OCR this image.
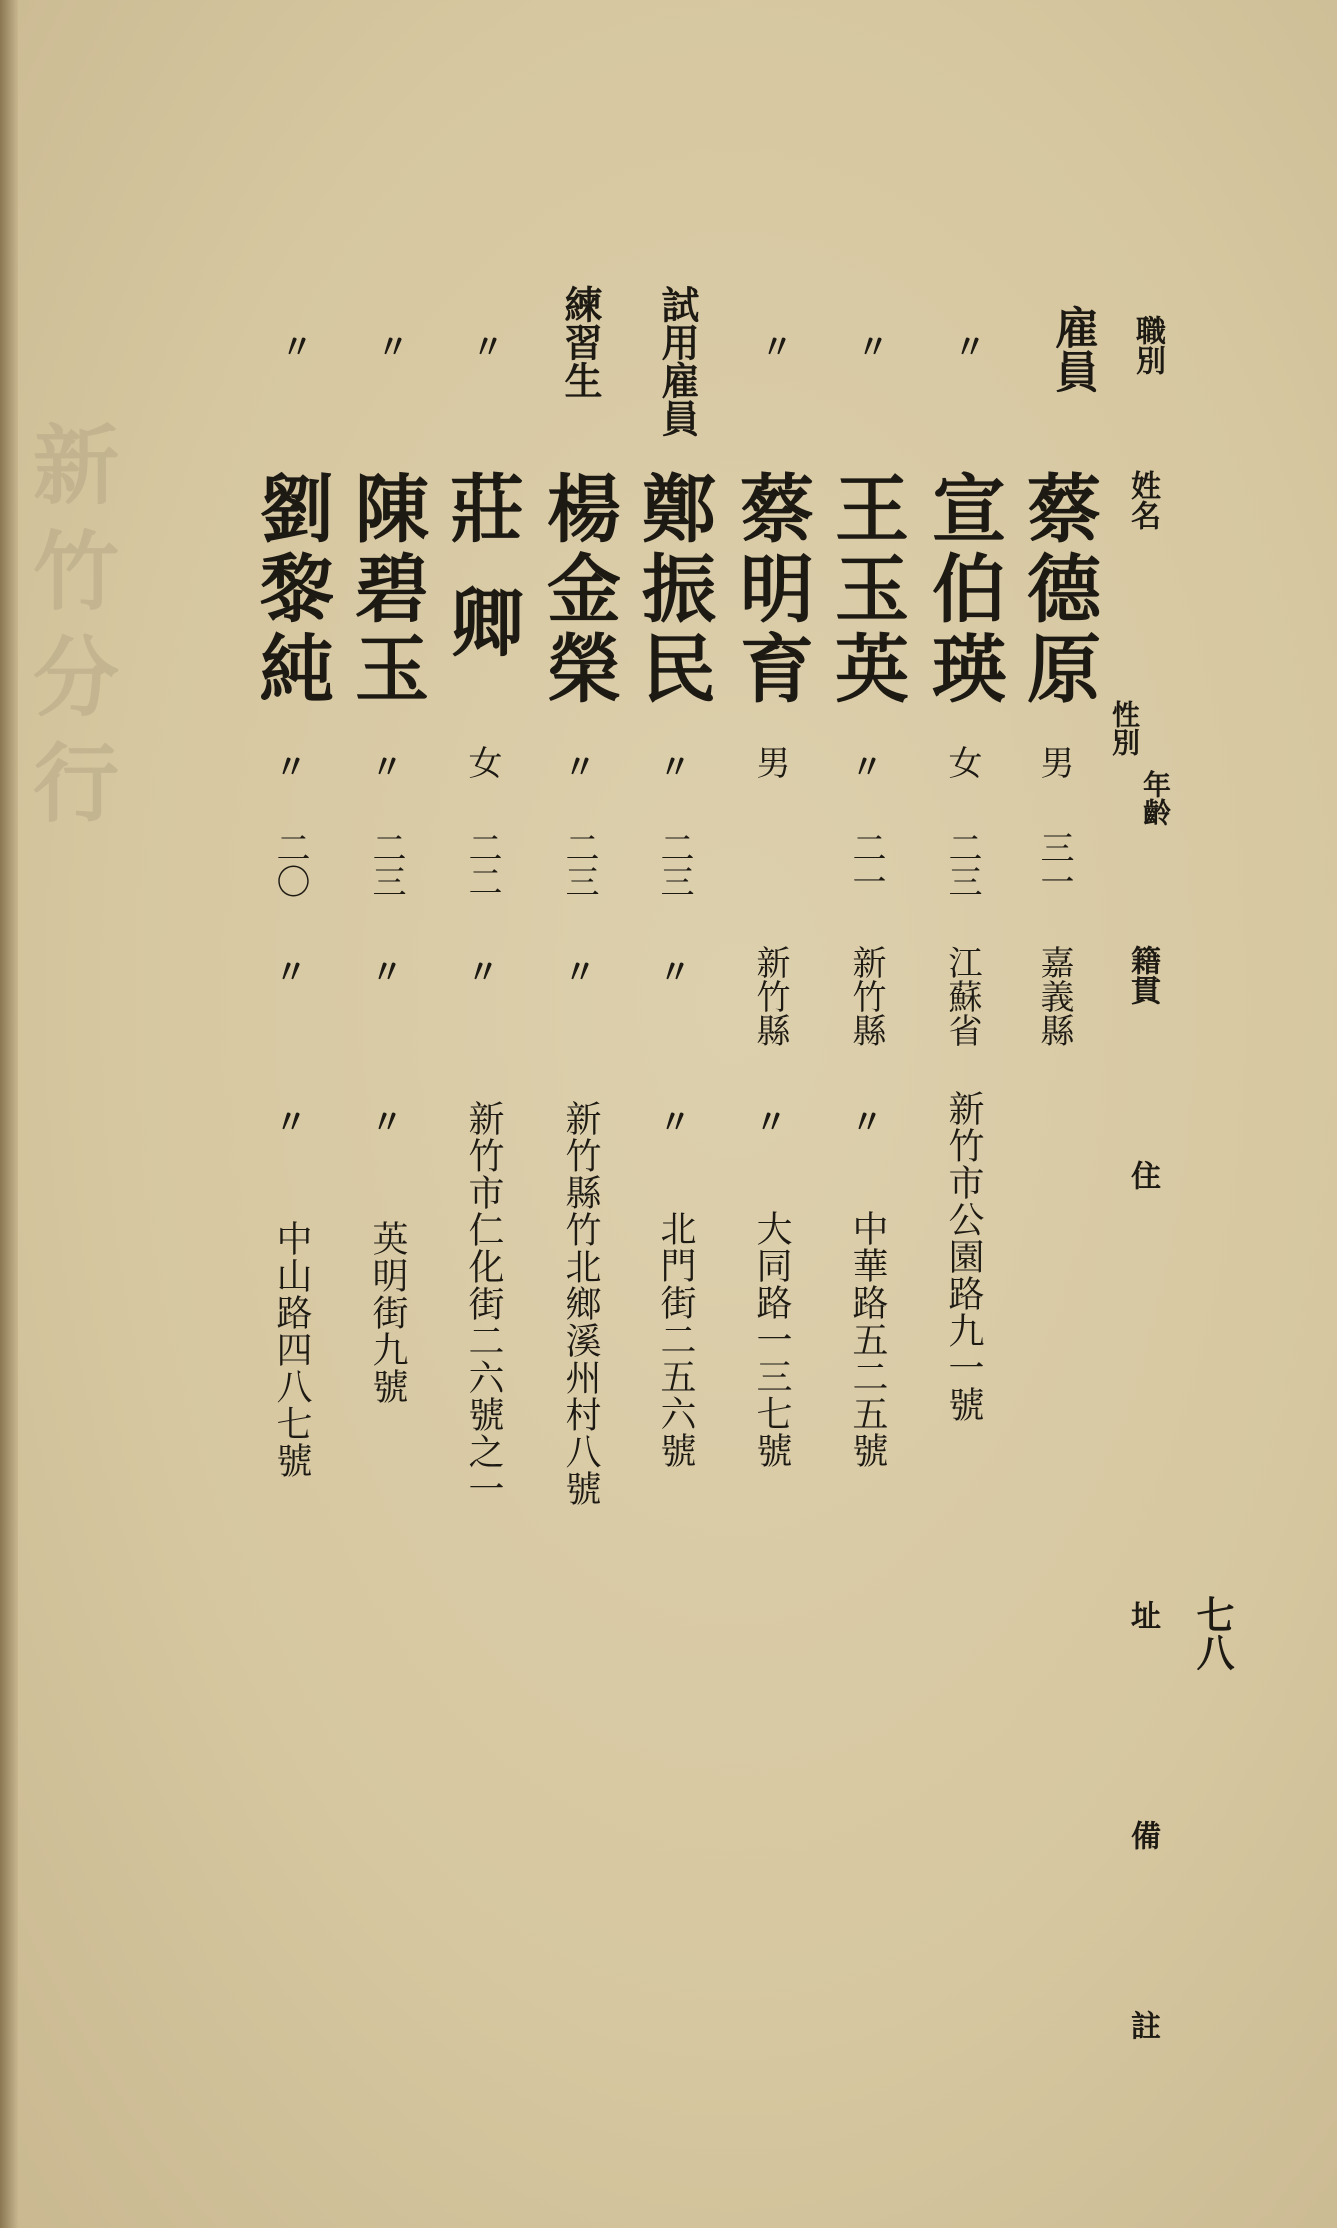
新竹分行
七八
職別
姓名
性別
年齡
籍貫
住
址
備
註
雇員
蔡德原
男
三一
嘉義縣
〃
宣伯瑛
女
二三
江蘇省
新竹市公園路九一號
〃
王玉英
〃
二一
新竹縣
〃
中華路五二五號
〃
蔡明育
男
新竹縣
〃
大同路一三七號
試用雇員
鄭振民
〃
二三
〃
〃
北門街二五六號
練習生
楊金榮
〃
二三
〃
新竹縣竹北鄉溪州村八號
〃
莊卿
女
二二
〃
新竹市仁化街二六號之一
〃
陳碧玉
〃
二三
〃
〃
英明街九號
〃
劉黎純
〃
二〇
〃
〃
中山路四八七號
